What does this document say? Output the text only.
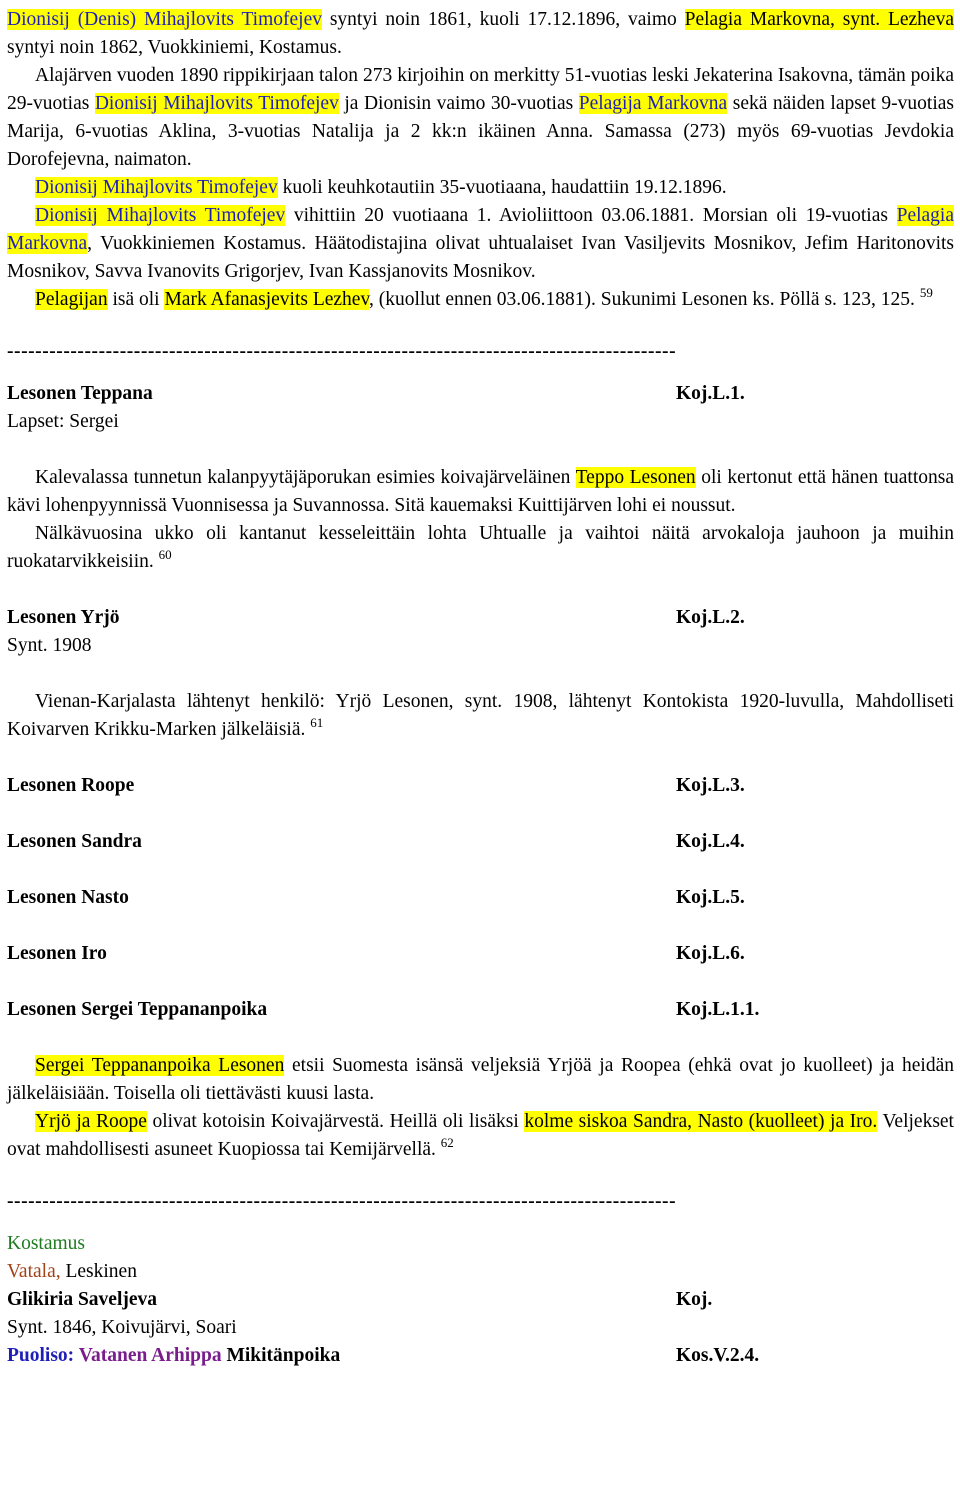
Dionisij (Denis) Mihajlovits Timofejev syntyi noin 1861, kuoli 17.12.1896, vaimo Pelagia Markovna, synt. Lezheva syntyi noin 1862, Vuokkiniemi, Kostamus.

Alajärven vuoden 1890 rippikirjaan talon 273 kirjoihin on merkitty 51-vuotias leski Jekaterina Isakovna, tämän poika 29-vuotias Dionisij Mihajlovits Timofejev ja Dionisin vaimo 30-vuotias Pelagija Markovna sekä näiden lapset 9-vuotias Marija, 6-vuotias Aklina, 3-vuotias Natalija ja 2 kk:n ikäinen Anna. Samassa (273) myös 69-vuotias Jevdokia Dorofejevna, naimaton.

Dionisij Mihajlovits Timofejev kuoli keuhkotautiin 35-vuotiaana, haudattiin 19.12.1896.

Dionisij Mihajlovits Timofejev vihittiin 20 vuotiaana 1. Avioliittoon 03.06.1881. Morsian oli 19-vuotias Pelagia Markovna, Vuokkiniemen Kostamus. Häätodistajina olivat uhtualaiset Ivan Vasiljevits Mosnikov, Jefim Haritonovits Mosnikov, Savva Ivanovits Grigorjev, Ivan Kassjanovits Mosnikov.

Pelagijan isä oli Mark Afanasjevits Lezhev, (kuollut ennen 03.06.1881). Sukunimi Lesonen ks. Pöllä s. 123, 125. $^{59}$

-----------------------------------------------------------------------------------------------
Lesonen Teppana	Koj.L.1.

Lapset: Sergei

Kalevalassa tunnetun kalanpyytäjäporukan esimies koivajärveläinen Teppo Lesonen oli kertonut että hänen tuattonsa kävi lohenpyynnissä Vuonnisessa ja Suvannossa. Sitä kauemaksi Kuittijärven lohi ei noussut.

Nälkävuosina ukko oli kantanut kesseleittäin lohta Uhtualle ja vaihtoi näitä arvokaloja jauhoon ja muihin ruokatarvikkeisiin. $^{60}$

Lesonen Yrjö	Koj.L.2.

Synt. 1908

Vienan-Karjalasta lähtenyt henkilö: Yrjö Lesonen, synt. 1908, lähtenyt Kontokista 1920-luvulla, Mahdolliseti Koivarven Krikku-Marken jälkeläisiä. $^{61}$

Lesonen Roope	Koj.L.3.
Lesonen Sandra	Koj.L.4.
Lesonen Nasto	Koj.L.5.
Lesonen Iro	Koj.L.6.
Lesonen Sergei Teppananpoika	Koj.L.1.1.

Sergei Teppananpoika Lesonen etsii Suomesta isänsä veljeksiä Yrjöä ja Roopea (ehkä ovat jo kuolleet) ja heidän jälkeläisiään. Toisella oli tiettävästi kuusi lasta.

Yrjö ja Roope olivat kotoisin Koivajärvestä. Heillä oli lisäksi kolme siskoa Sandra, Nasto (kuolleet) ja Iro. Veljekset ovat mahdollisesti asuneet Kuopiossa tai Kemijärvellä. $^{62}$

-----------------------------------------------------------------------------------------------

Kostamus

Vatala, Leskinen

Glikiria Saveljeva	Koj.

Synt. 1846, Koivujärvi, Soari

Puoliso: Vatanen Arhippa Mikitänpoika	Kos.V.2.4.
